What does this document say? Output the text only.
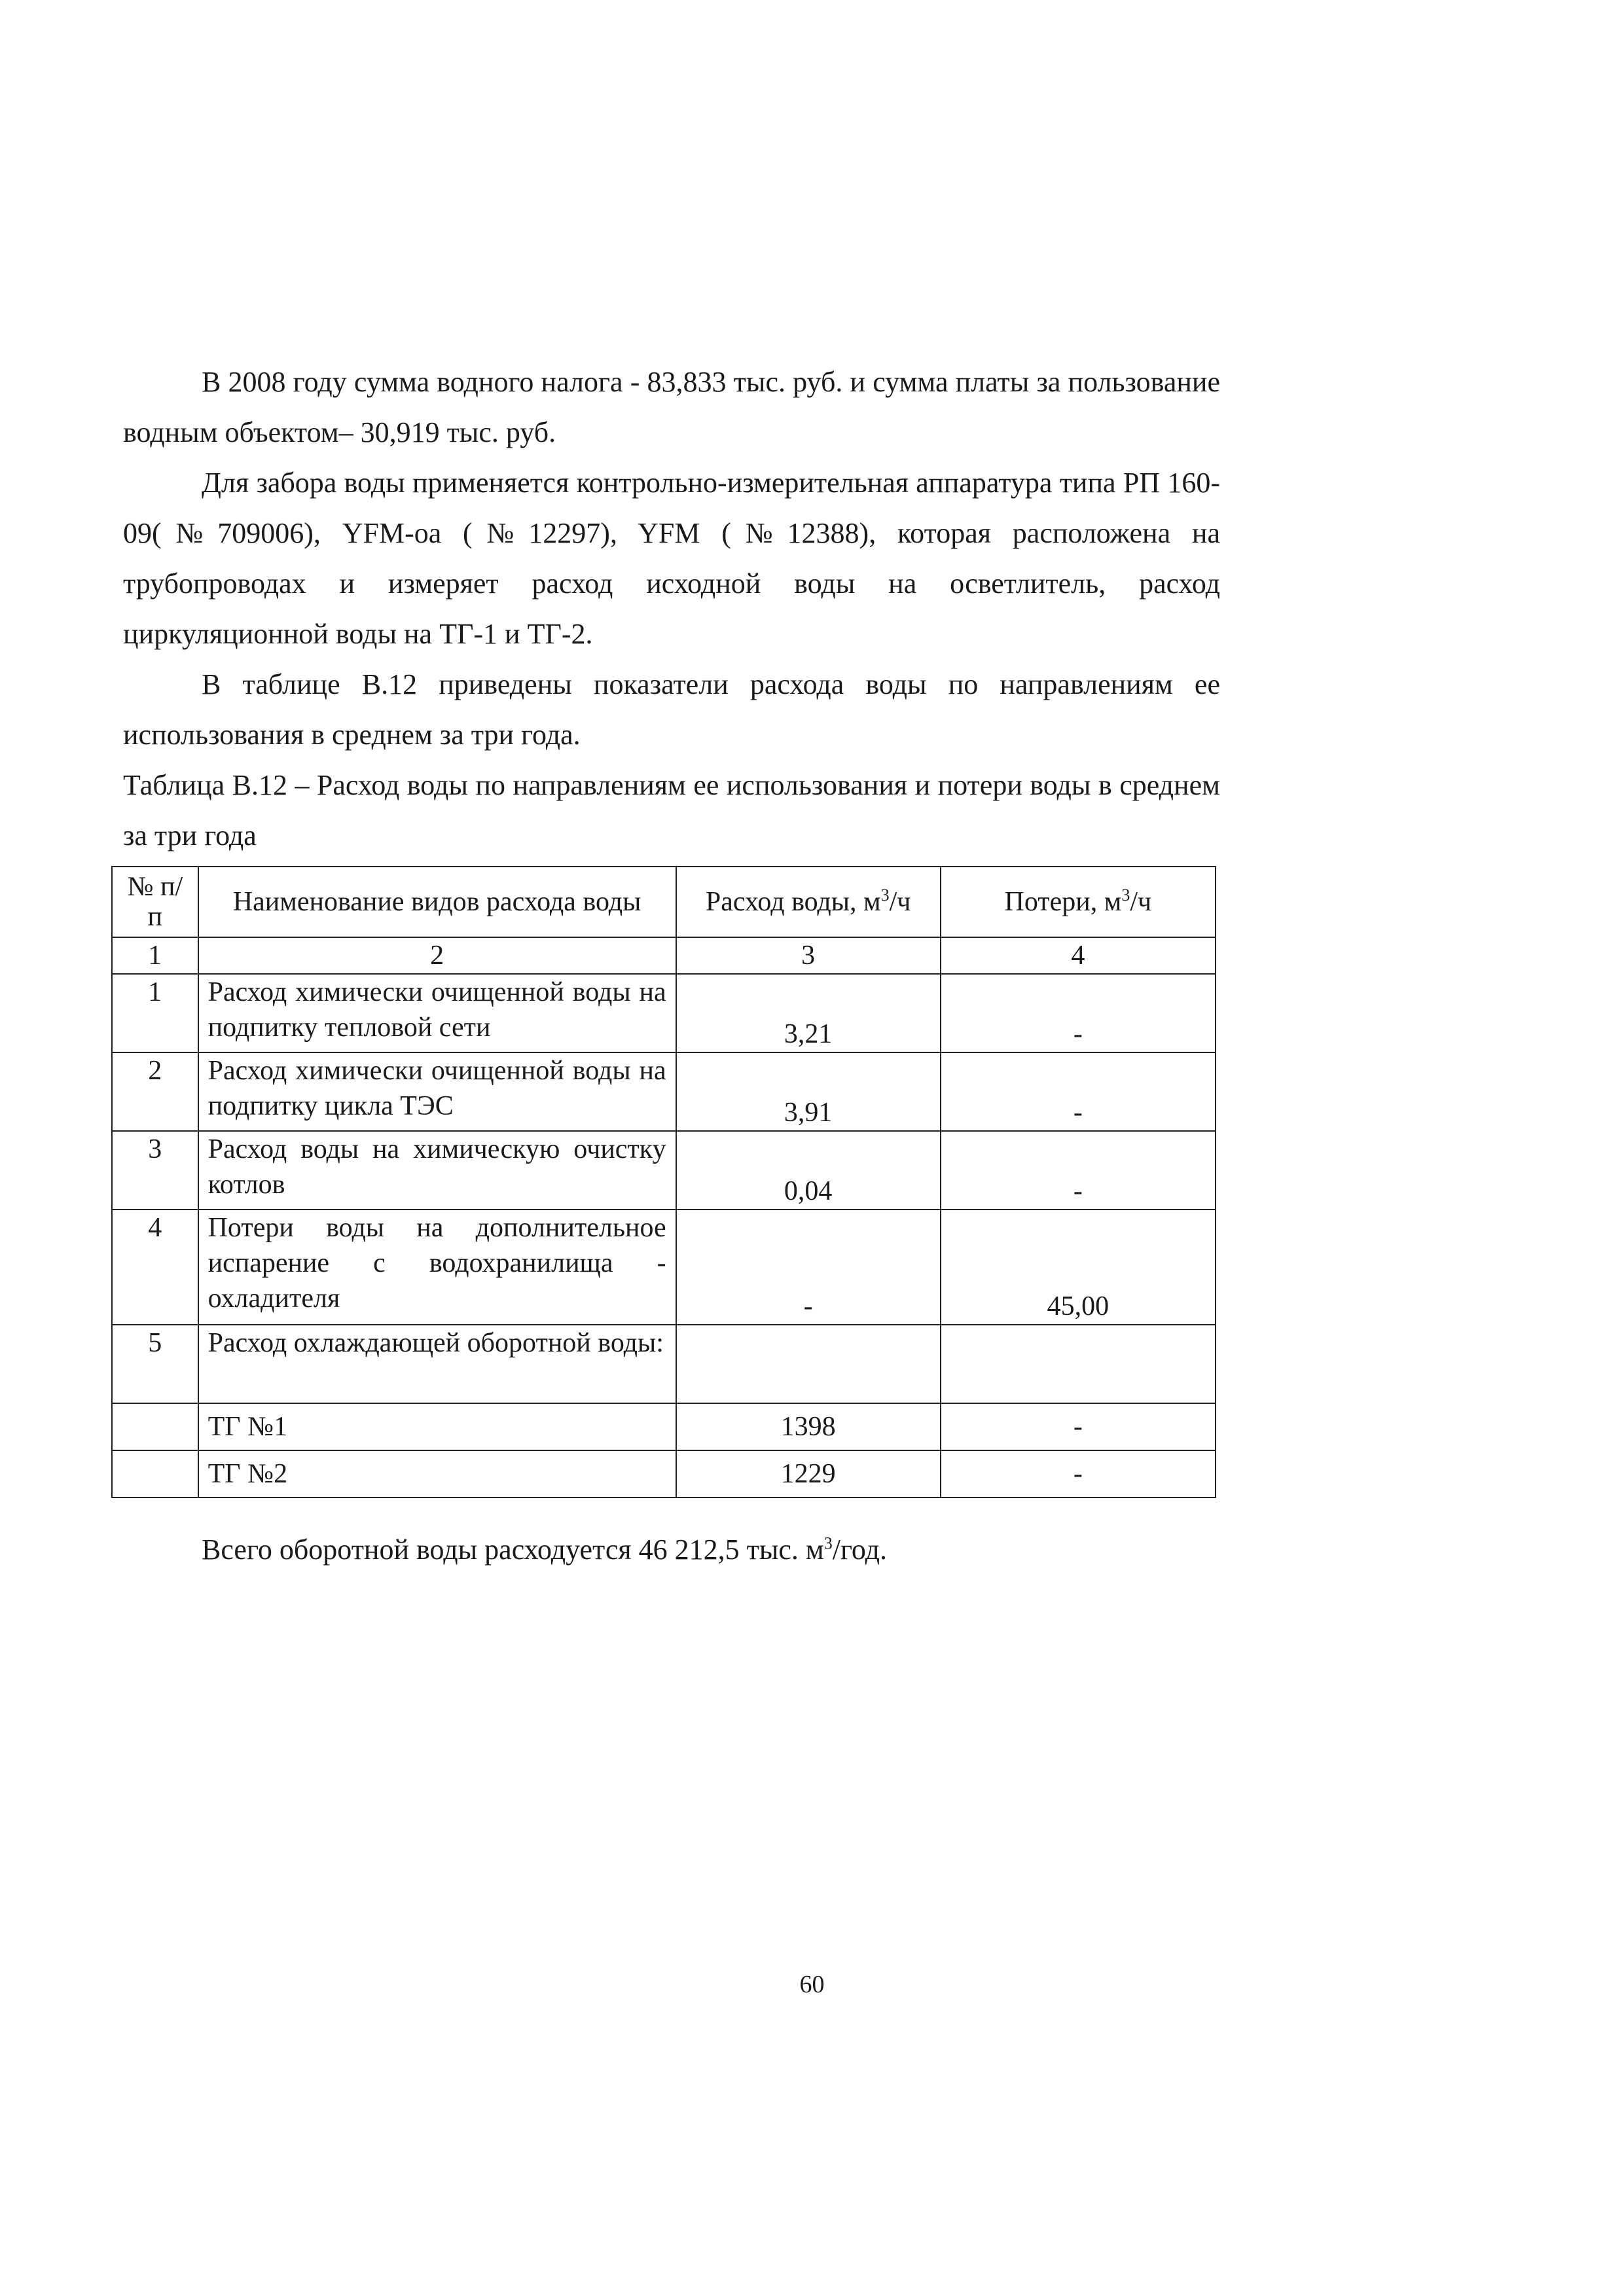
В 2008 году сумма водного налога - 83,833 тыс. руб. и сумма платы за пользование водным объектом– 30,919 тыс. руб.

Для забора воды применяется контрольно-измерительная аппаратура типа РП 160-09(№709006), YFM-oa (№12297), YFM (№12388), которая расположена на трубопроводах и измеряет расход исходной воды на осветлитель, расход циркуляционной воды на ТГ-1 и ТГ-2.

В таблице В.12 приведены показатели расхода воды по направлениям ее использования в среднем за три года.

Таблица В.12 – Расход воды по направлениям ее использования и потери воды в среднем за три года

№ п/п	Наименование видов расхода воды	Расход воды, $м^3/ч$	Потери, $м^3/ч$
1	2	3	4
1	Расход химически очищенной воды на подпитку тепловой сети	3,21	-
2	Расход химически очищенной воды на подпитку цикла ТЭС	3,91	-
3	Расход воды на химическую очистку котлов	0,04	-
4	Потери воды на дополнительное испарение с водохранилища - охладителя	-	45,00
5	Расход охлаждающей оборотной воды:		
	ТГ №1	1398	-
	ТГ №2	1229	-

Всего оборотной воды расходуется 46 212,5 тыс. $м^3$/год.

60
